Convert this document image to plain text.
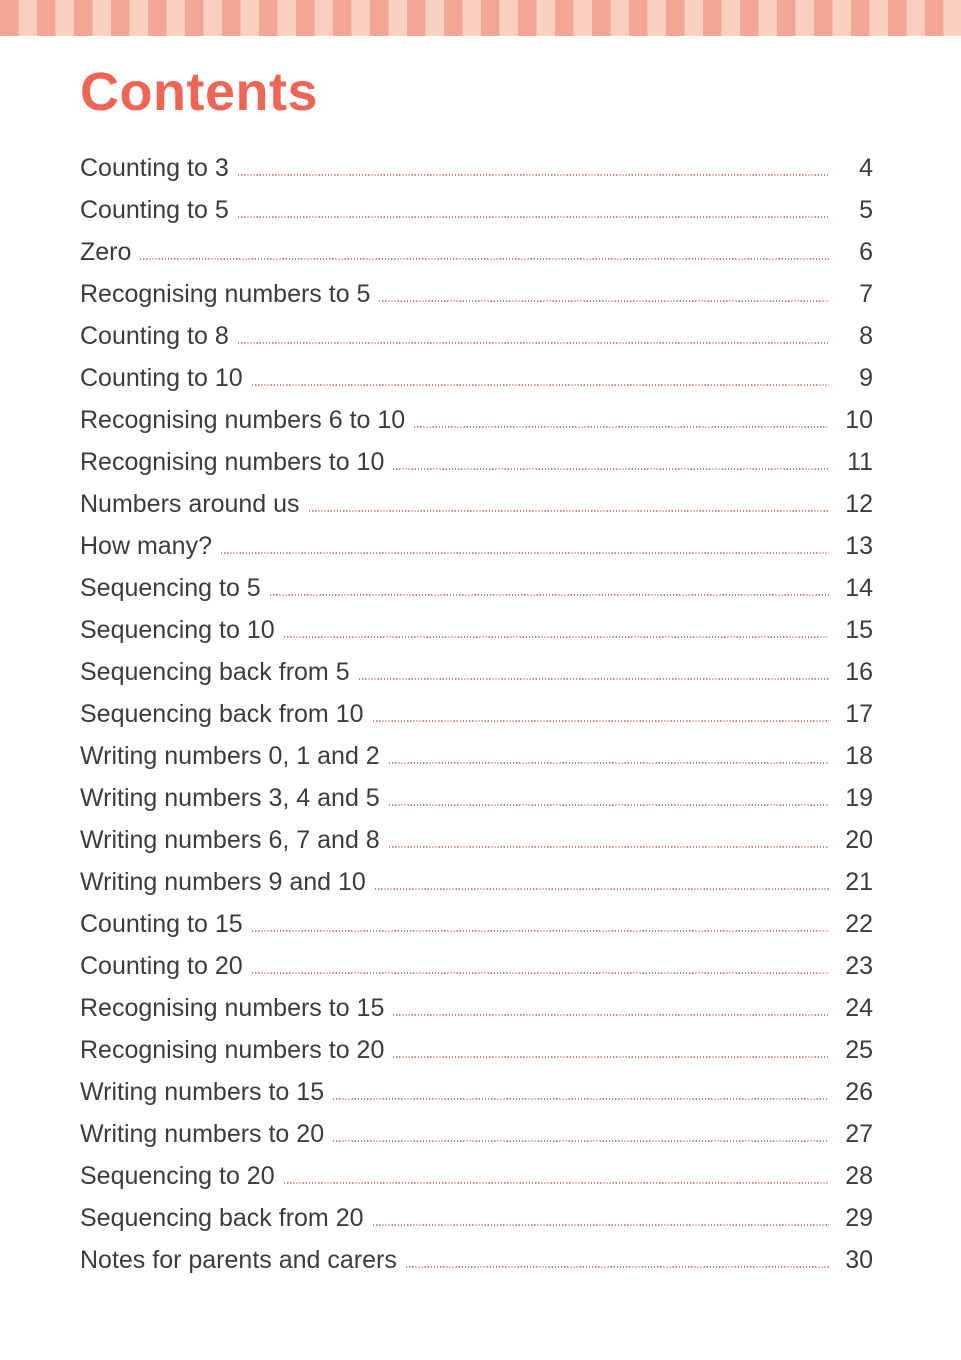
Contents
Counting to 3	4
Counting to 5	5
Zero	6
Recognising numbers to 5	7
Counting to 8	8
Counting to 10	9
Recognising numbers 6 to 10	10
Recognising numbers to 10	11
Numbers around us	12
How many?	13
Sequencing to 5	14
Sequencing to 10	15
Sequencing back from 5	16
Sequencing back from 10	17
Writing numbers 0, 1 and 2	18
Writing numbers 3, 4 and 5	19
Writing numbers 6, 7 and 8	20
Writing numbers 9 and 10	21
Counting to 15	22
Counting to 20	23
Recognising numbers to 15	24
Recognising numbers to 20	25
Writing numbers to 15	26
Writing numbers to 20	27
Sequencing to 20	28
Sequencing back from 20	29
Notes for parents and carers	30
